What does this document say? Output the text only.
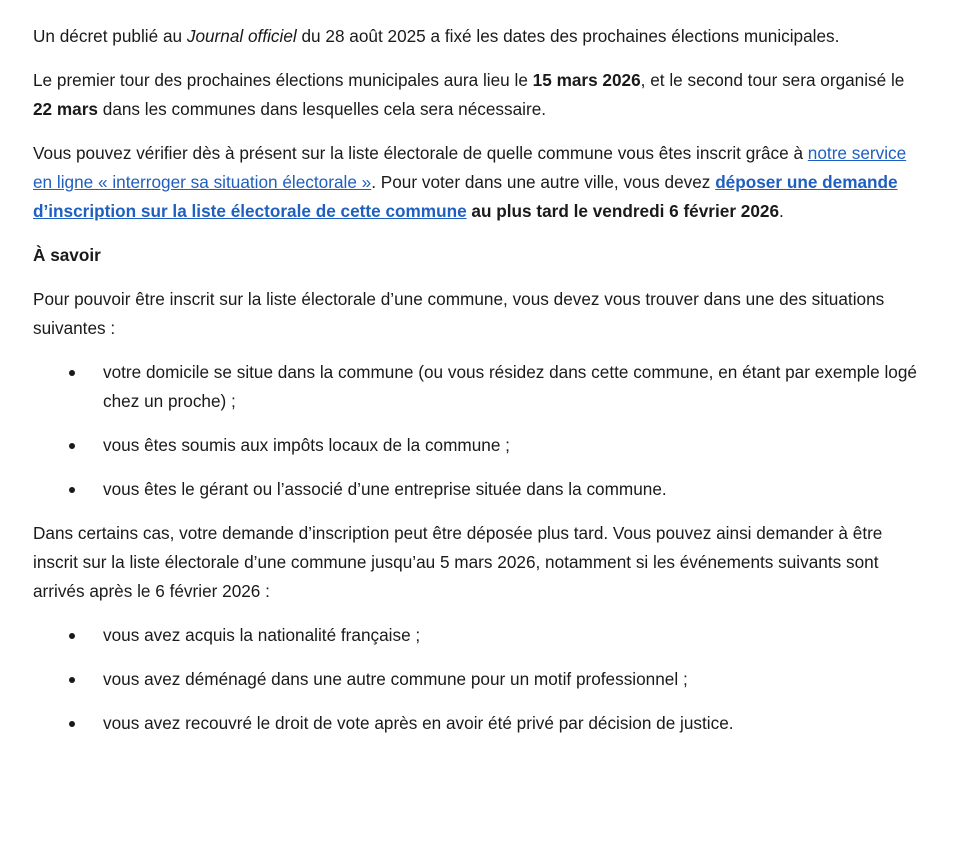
Un décret publié au Journal officiel du 28 août 2025 a fixé les dates des prochaines élections municipales.

Le premier tour des prochaines élections municipales aura lieu le 15 mars 2026, et le second tour sera organisé le 22 mars dans les communes dans lesquelles cela sera nécessaire.

Vous pouvez vérifier dès à présent sur la liste électorale de quelle commune vous êtes inscrit grâce à notre service en ligne « interroger sa situation électorale ». Pour voter dans une autre ville, vous devez déposer une demande d’inscription sur la liste électorale de cette commune au plus tard le vendredi 6 février 2026.

À savoir

Pour pouvoir être inscrit sur la liste électorale d’une commune, vous devez vous trouver dans une des situations suivantes :

votre domicile se situe dans la commune (ou vous résidez dans cette commune, en étant par exemple logé chez un proche) ;
vous êtes soumis aux impôts locaux de la commune ;
vous êtes le gérant ou l’associé d’une entreprise située dans la commune.

Dans certains cas, votre demande d’inscription peut être déposée plus tard. Vous pouvez ainsi demander à être inscrit sur la liste électorale d’une commune jusqu’au 5 mars 2026, notamment si les événements suivants sont arrivés après le 6 février 2026 :

vous avez acquis la nationalité française ;
vous avez déménagé dans une autre commune pour un motif professionnel ;
vous avez recouvré le droit de vote après en avoir été privé par décision de justice.
